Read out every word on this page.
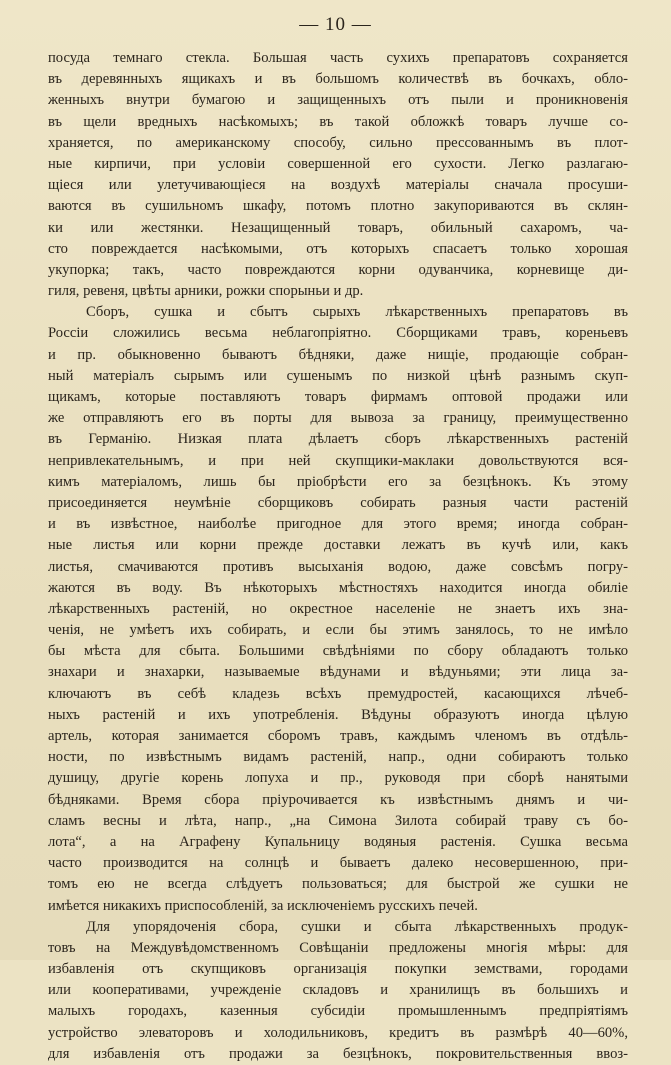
— 10 —
посуда темнаго стекла. Большая часть сухихъ препаратовъ сохраняется
въ деревянныхъ ящикахъ и въ большомъ количествѣ въ бочкахъ, обло-
женныхъ внутри бумагою и защищенныхъ отъ пыли и проникновенія
въ щели вредныхъ насѣкомыхъ; въ такой обложкѣ товаръ лучше со-
храняется, по американскому способу, сильно прессованнымъ въ плот-
ные кирпичи, при условіи совершенной его сухости. Легко разлагаю-
щіеся или улетучивающіеся на воздухѣ матеріалы сначала просуши-
ваются въ сушильномъ шкафу, потомъ плотно закупориваются въ склян-
ки или жестянки. Незащищенный товаръ, обильный сахаромъ, ча-
сто повреждается насѣкомыми, отъ которыхъ спасаетъ только хорошая
укупорка; такъ, часто повреждаются корни одуванчика, корневище ди-
гиля, ревеня, цвѣты арники, рожки спорыньи и др.
Сборъ, сушка и сбытъ сырыхъ лѣкарственныхъ препаратовъ въ
Россіи сложились весьма неблагопріятно. Сборщиками травъ, кореньевъ
и пр. обыкновенно бываютъ бѣдняки, даже нищіе, продающіе собран-
ный матеріалъ сырымъ или сушенымъ по низкой цѣнѣ разнымъ скуп-
щикамъ, которые поставляютъ товаръ фирмамъ оптовой продажи или
же отправляютъ его въ порты для вывоза за границу, преимущественно
въ Германію. Низкая плата дѣлаетъ сборъ лѣкарственныхъ растеній
непривлекательнымъ, и при ней скупщики-маклаки довольствуются вся-
кимъ матеріаломъ, лишь бы пріобрѣсти его за безцѣнокъ. Къ этому
присоединяется неумѣніе сборщиковъ собирать разныя части растеній
и въ извѣстное, наиболѣе пригодное для этого время; иногда собран-
ные листья или корни прежде доставки лежатъ въ кучѣ или, какъ
листья, смачиваются противъ высыханія водою, даже совсѣмъ погру-
жаются въ воду. Въ нѣкоторыхъ мѣстностяхъ находится иногда обиліе
лѣкарственныхъ растеній, но окрестное населеніе не знаетъ ихъ зна-
ченія, не умѣетъ ихъ собирать, и если бы этимъ занялось, то не имѣло
бы мѣста для сбыта. Большими свѣдѣніями по сбору обладаютъ только
знахари и знахарки, называемые вѣдунами и вѣдуньями; эти лица за-
ключаютъ въ себѣ кладезь всѣхъ премудростей, касающихся лѣчеб-
ныхъ растеній и ихъ употребленія. Вѣдуны образуютъ иногда цѣлую
артель, которая занимается сборомъ травъ, каждымъ членомъ въ отдѣль-
ности, по извѣстнымъ видамъ растеній, напр., одни собираютъ только
душицу, другіе корень лопуха и пр., руководя при сборѣ нанятыми
бѣдняками. Время сбора пріурочивается къ извѣстнымъ днямъ и чи-
сламъ весны и лѣта, напр., „на Симона Зилота собирай траву съ бо-
лота“, а на Аграфену Купальницу водяныя растенія. Сушка весьма
часто производится на солнцѣ и бываетъ далеко несовершенною, при-
томъ ею не всегда слѣдуетъ пользоваться; для быстрой же сушки не
имѣется никакихъ приспособленій, за исключеніемъ русскихъ печей.
Для упорядоченія сбора, сушки и сбыта лѣкарственныхъ продук-
товъ на Междувѣдомственномъ Совѣщаніи предложены многія мѣры: для
избавленія отъ скупщиковъ организація покупки земствами, городами
или кооперативами, учрежденіе складовъ и хранилищъ въ большихъ и
малыхъ городахъ, казенныя субсидіи промышленнымъ предпріятіямъ
устройство элеваторовъ и холодильниковъ, кредитъ въ размѣрѣ 40—60%,
для избавленія отъ продажи за безцѣнокъ, покровительственныя ввоз-
